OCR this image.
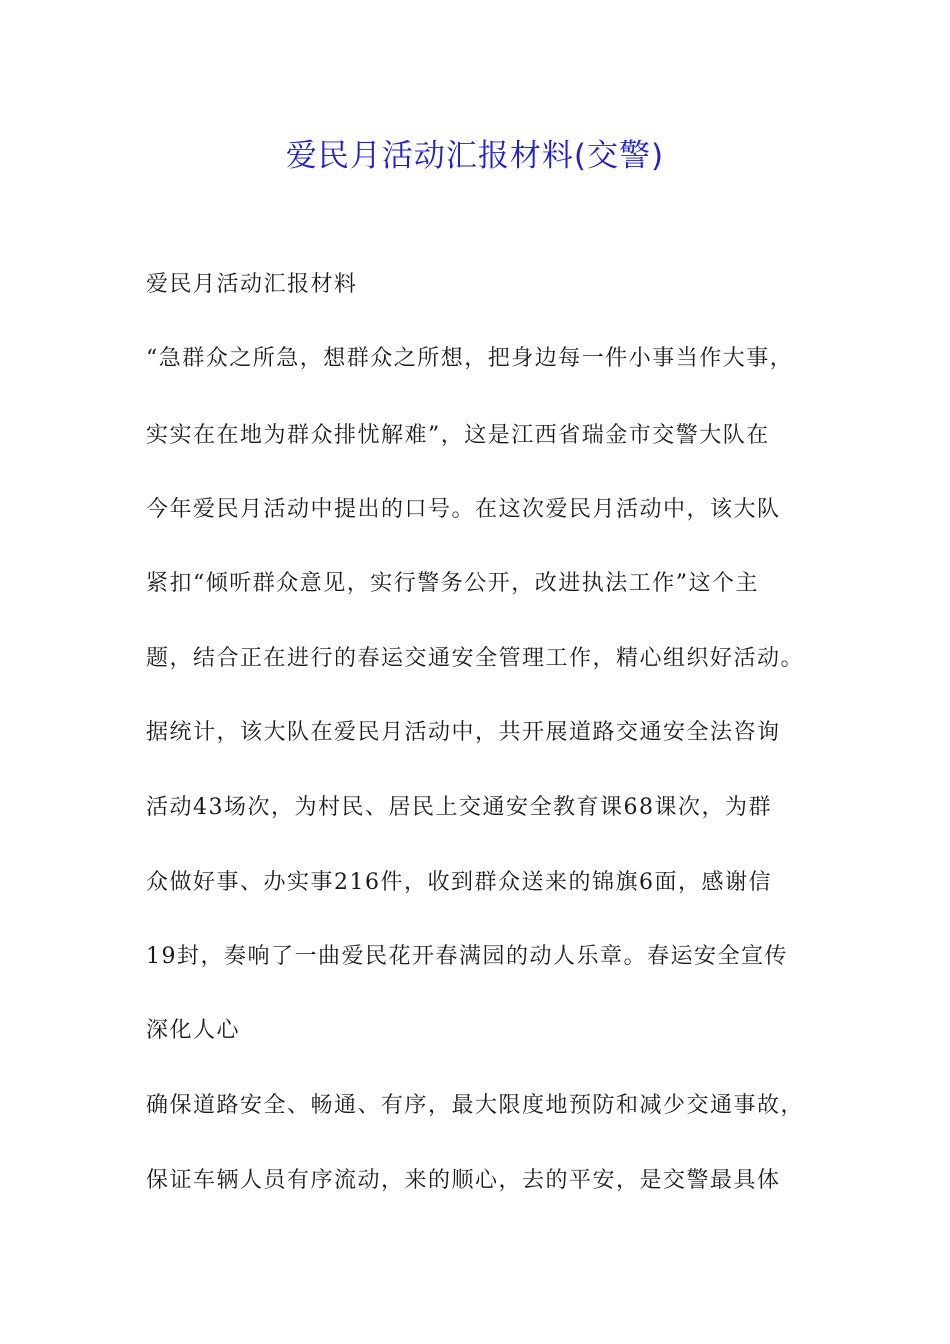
爱民月活动汇报材料(交警)
爱民月活动汇报材料
“急群众之所急，想群众之所想，把身边每一件小事当作大事，
实实在在地为群众排忧解难”，这是江西省瑞金市交警大队在
今年爱民月活动中提出的口号。在这次爱民月活动中，该大队
紧扣“倾听群众意见，实行警务公开，改进执法工作”这个主
题，结合正在进行的春运交通安全管理工作，精心组织好活动。
据统计，该大队在爱民月活动中，共开展道路交通安全法咨询
活动43场次，为村民、居民上交通安全教育课68课次，为群
众做好事、办实事216件，收到群众送来的锦旗6面，感谢信
19封，奏响了一曲爱民花开春满园的动人乐章。春运安全宣传
深化人心
确保道路安全、畅通、有序，最大限度地预防和减少交通事故，
保证车辆人员有序流动，来的顺心，去的平安，是交警最具体
